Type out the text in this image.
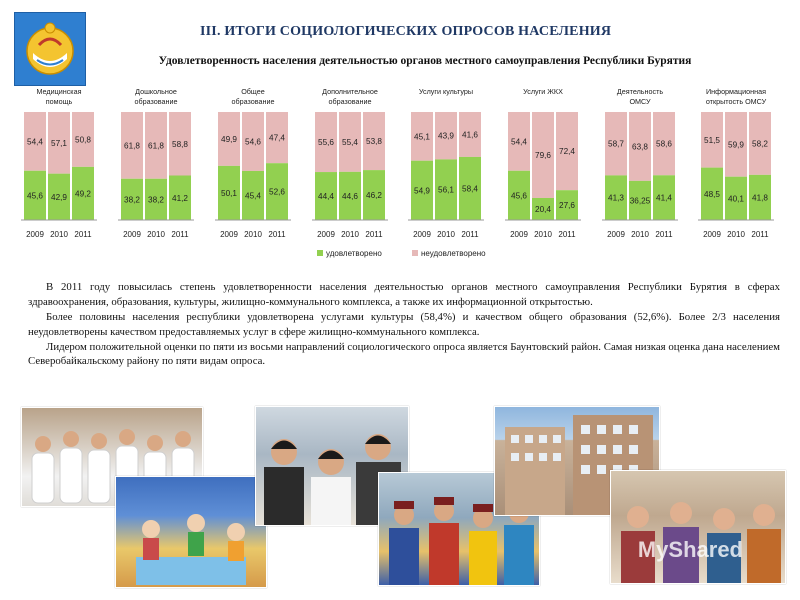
III. ИТОГИ СОЦИОЛОГИЧЕСКИХ ОПРОСОВ НАСЕЛЕНИЯ
Удовлетворенность населения деятельностью органов местного самоуправления Республики Бурятия
Медицинская
помощь
54,4
45,6
2009
57,1
42,9
2010
50,8
49,2
2011
Дошкольное
образование
61,8
38,2
2009
61,8
38,2
2010
58,8
41,2
2011
Общее
образование
49,9
50,1
2009
54,6
45,4
2010
47,4
52,6
2011
Дополнительное
образование
55,6
44,4
2009
55,4
44,6
2010
53,8
46,2
2011
Услуги культуры
45,1
54,9
2009
43,9
56,1
2010
41,6
58,4
2011
Услуги ЖКХ
54,4
45,6
2009
79,6
20,4
2010
72,4
27,6
2011
Деятельность
ОМСУ
58,7
41,3
2009
63,8
36,25
2010
58,6
41,4
2011
Информационная
открытость ОМСУ
51,5
48,5
2009
59,9
40,1
2010
58,2
41,8
2011
удовлетворено	неудовлетворено

В 2011 году повысилась степень удовлетворенности населения деятельностью органов местного самоуправления Республики Бурятия в сферах здравоохранения, образования, культуры, жилищно-коммунального комплекса, а также их информационной открытостью.

Более половины населения республики удовлетворена услугами культуры (58,4%) и качеством общего образования (52,6%). Более 2/3 населения неудовлетворены качеством предоставляемых услуг в сфере жилищно-коммунального комплекса.

Лидером положительной оценки по пяти из восьми направлений социологического опроса является Баунтовский район. Самая низкая оценка дана населением Северобайкальскому району по пяти видам опроса.

MyShared
